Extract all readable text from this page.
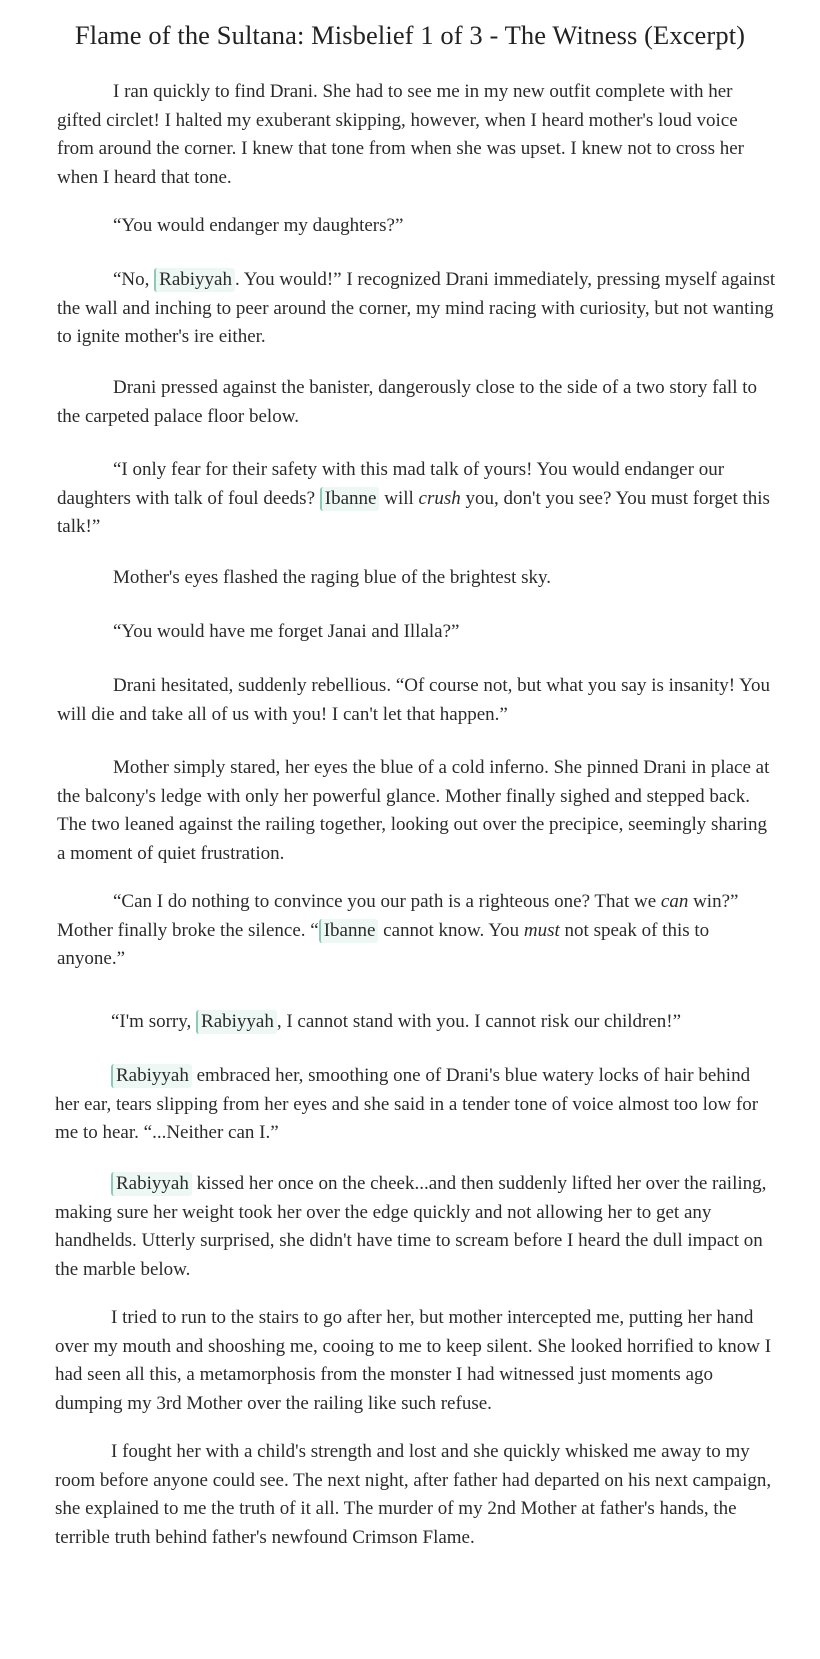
Flame of the Sultana: Misbelief 1 of 3 - The Witness (Excerpt)

I ran quickly to find Drani. She had to see me in my new outfit complete with her gifted circlet! I halted my exuberant skipping, however, when I heard mother's loud voice from around the corner. I knew that tone from when she was upset. I knew not to cross her when I heard that tone.

“You would endanger my daughters?”

“No, Rabiyyah . You would!” I recognized Drani immediately, pressing myself against the wall and inching to peer around the corner, my mind racing with curiosity, but not wanting to ignite mother's ire either.

Drani pressed against the banister, dangerously close to the side of a two story fall to the carpeted palace floor below.

“I only fear for their safety with this mad talk of yours! You would endanger our daughters with talk of foul deeds? Ibanne will crush you, don't you see? You must forget this talk!”

Mother's eyes flashed the raging blue of the brightest sky.

“You would have me forget Janai and Illala?”

Drani hesitated, suddenly rebellious. “Of course not, but what you say is insanity! You will die and take all of us with you! I can't let that happen.”

Mother simply stared, her eyes the blue of a cold inferno. She pinned Drani in place at the balcony's ledge with only her powerful glance. Mother finally sighed and stepped back. The two leaned against the railing together, looking out over the precipice, seemingly sharing a moment of quiet frustration.

“Can I do nothing to convince you our path is a righteous one? That we can win?” Mother finally broke the silence. “ Ibanne cannot know. You must not speak of this to anyone.”

“I'm sorry, Rabiyyah , I cannot stand with you. I cannot risk our children!”

Rabiyyah embraced her, smoothing one of Drani's blue watery locks of hair behind her ear, tears slipping from her eyes and she said in a tender tone of voice almost too low for me to hear. “...Neither can I.”

Rabiyyah kissed her once on the cheek...and then suddenly lifted her over the railing, making sure her weight took her over the edge quickly and not allowing her to get any handhelds. Utterly surprised, she didn't have time to scream before I heard the dull impact on the marble below.

I tried to run to the stairs to go after her, but mother intercepted me, putting her hand over my mouth and shooshing me, cooing to me to keep silent. She looked horrified to know I had seen all this, a metamorphosis from the monster I had witnessed just moments ago dumping my 3rd Mother over the railing like such refuse.

I fought her with a child's strength and lost and she quickly whisked me away to my room before anyone could see. The next night, after father had departed on his next campaign, she explained to me the truth of it all. The murder of my 2nd Mother at father's hands, the terrible truth behind father's newfound Crimson Flame.
